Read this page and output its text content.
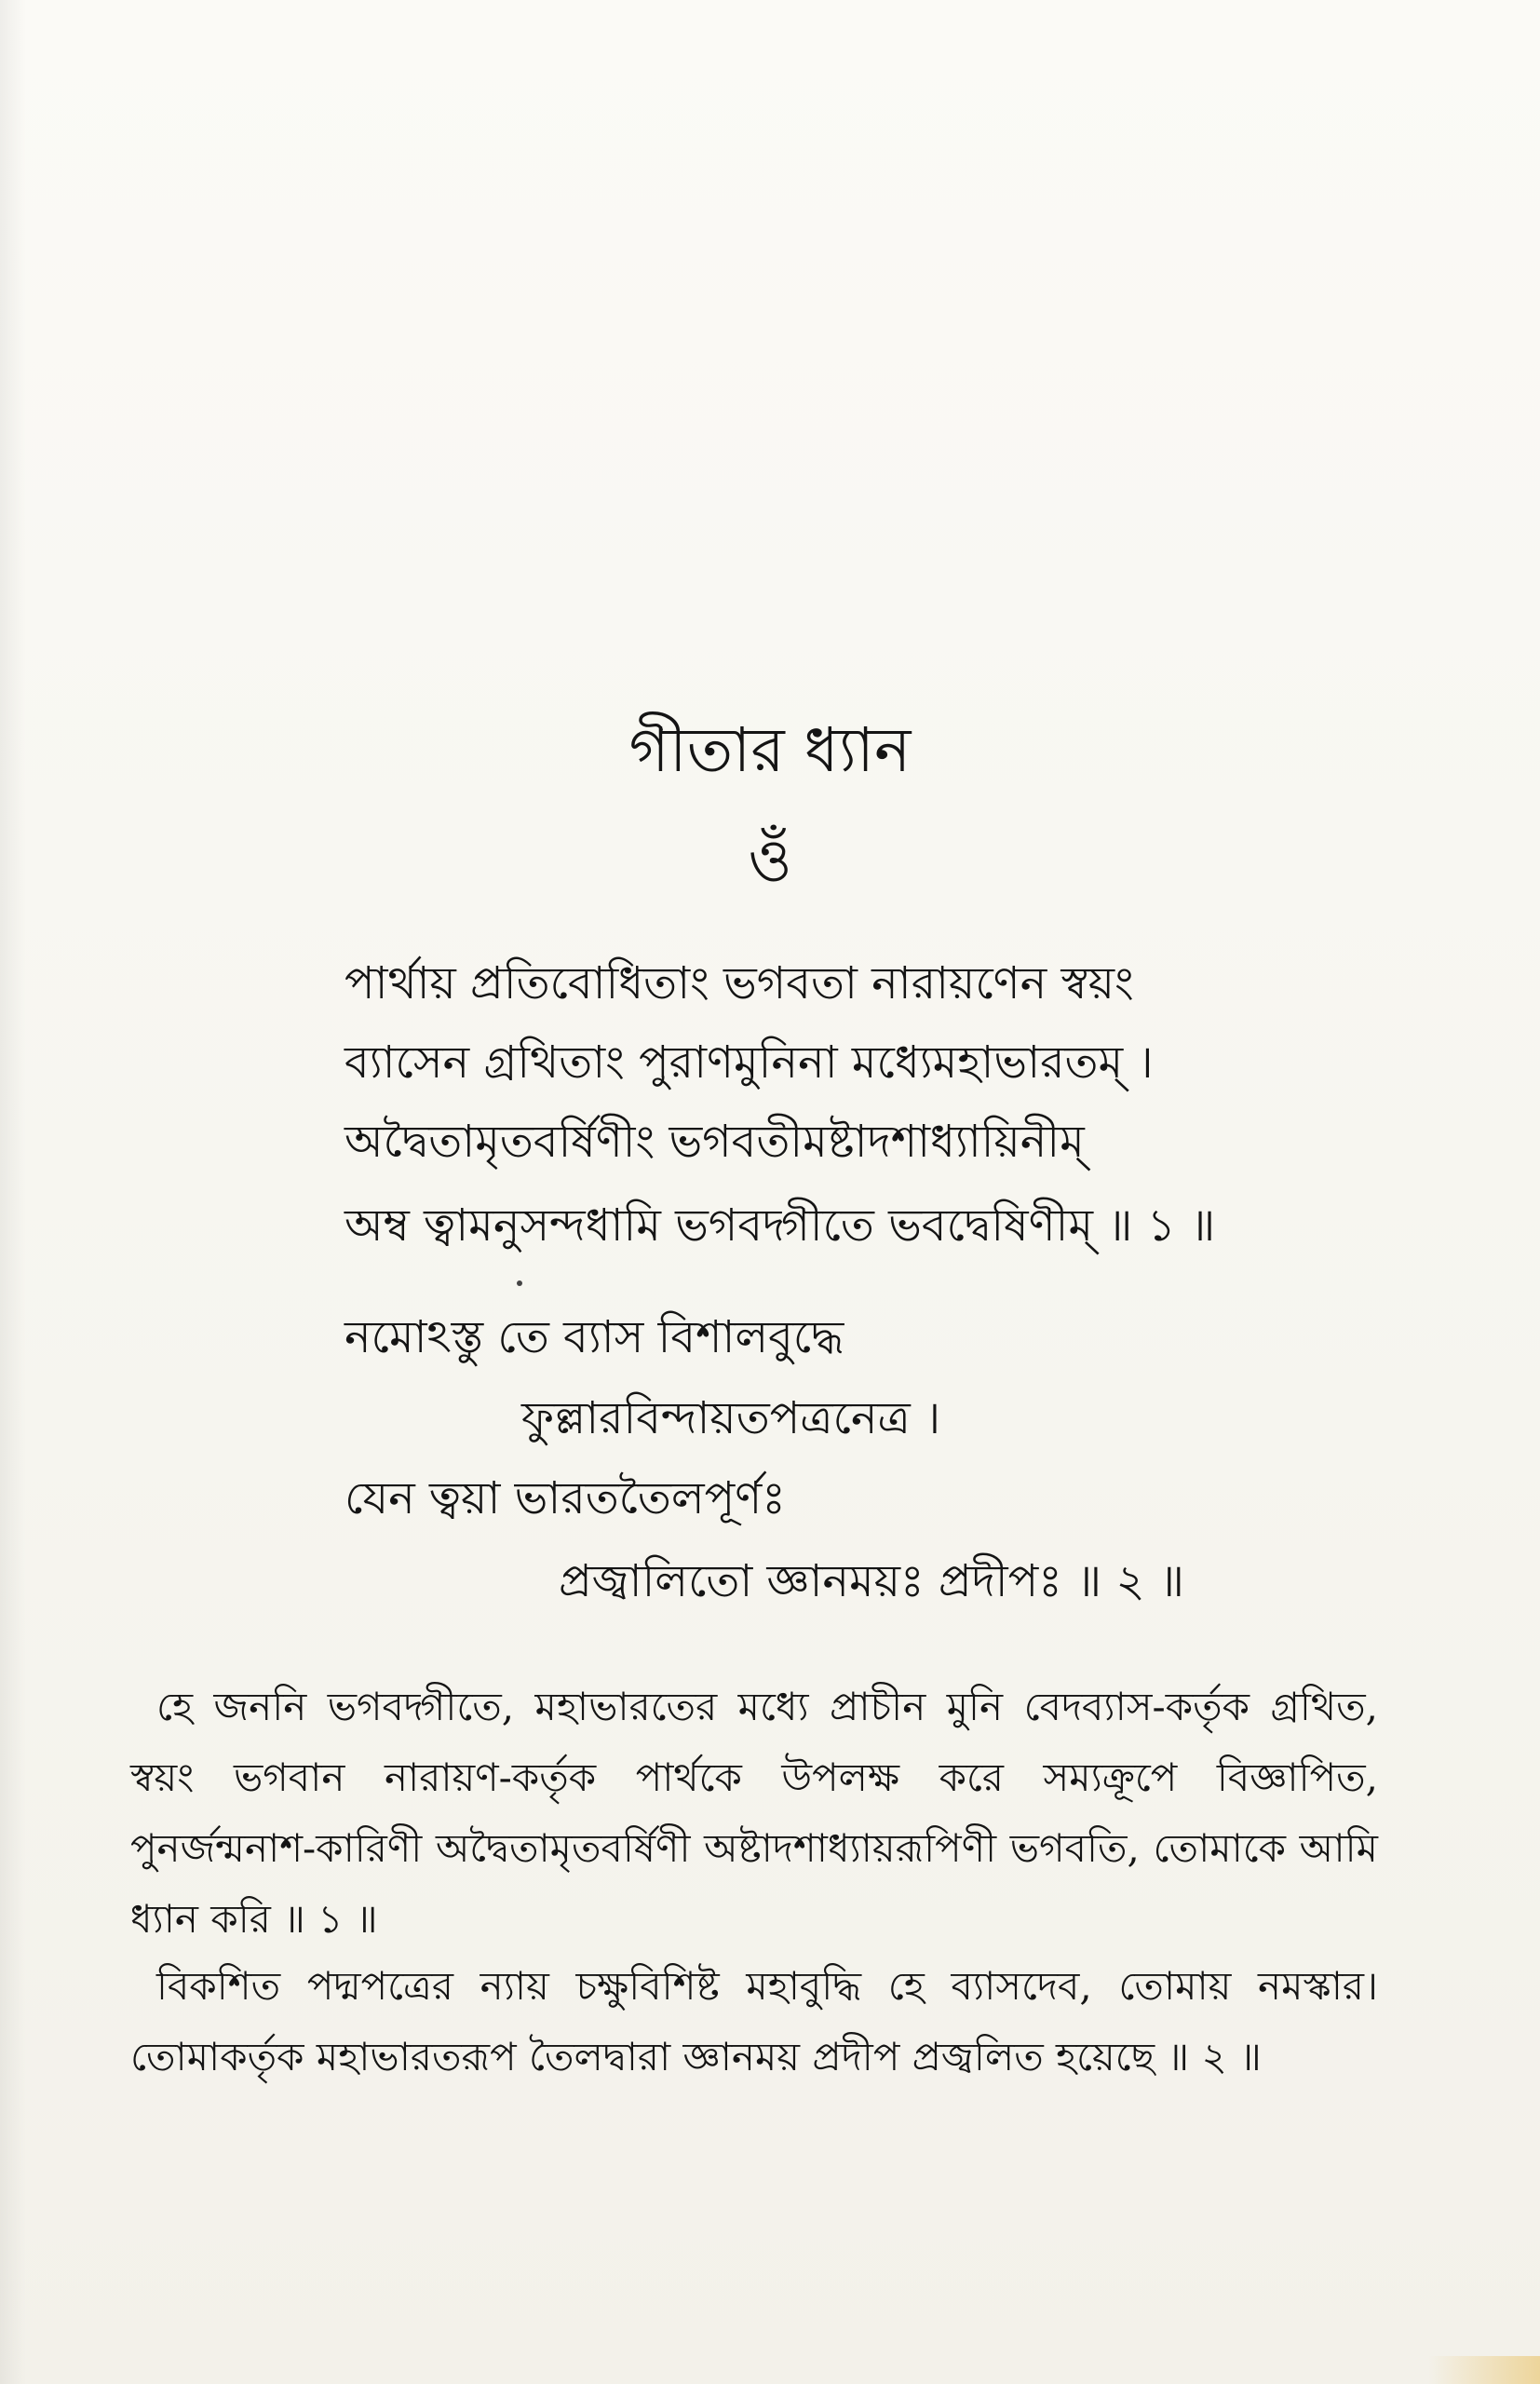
গীতার ধ্যান
ওঁ
পার্থায় প্রতিবোধিতাং ভগবতা নারায়ণেন স্বয়ং
ব্যাসেন গ্রথিতাং পুরাণমুনিনা মধ্যেমহাভারতম্ ।
অদ্বৈতামৃতবর্ষিণীং ভগবতীমষ্টাদশাধ্যায়িনীম্
অম্ব ত্বামনুসন্দধামি ভগবদ্গীতে ভবদ্বেষিণীম্ ॥ ১ ॥
নমোঽস্তু তে ব্যাস বিশালবুদ্ধে
ফুল্লারবিন্দায়তপত্রনেত্র ।
যেন ত্বয়া ভারততৈলপূর্ণঃ
প্রজ্বালিতো জ্ঞানময়ঃ প্রদীপঃ ॥ ২ ॥

হে জননি ভগবদ্গীতে, মহাভারতের মধ্যে প্রাচীন মুনি বেদব্যাস-কর্তৃক গ্রথিত, স্বয়ং ভগবান নারায়ণ-কর্তৃক পার্থকে উপলক্ষ করে সম্যক্রূপে বিজ্ঞাপিত, পুনর্জন্মনাশ-কারিণী অদ্বৈতামৃতবর্ষিণী অষ্টাদশাধ্যায়রূপিণী ভগবতি, তোমাকে আমি ধ্যান করি ॥ ১ ॥

বিকশিত পদ্মপত্রের ন্যায় চক্ষুবিশিষ্ট মহাবুদ্ধি হে ব্যাসদেব, তোমায় নমস্কার। তোমাকর্তৃক মহাভারতরূপ তৈলদ্বারা জ্ঞানময় প্রদীপ প্রজ্বলিত হয়েছে ॥ ২ ॥
